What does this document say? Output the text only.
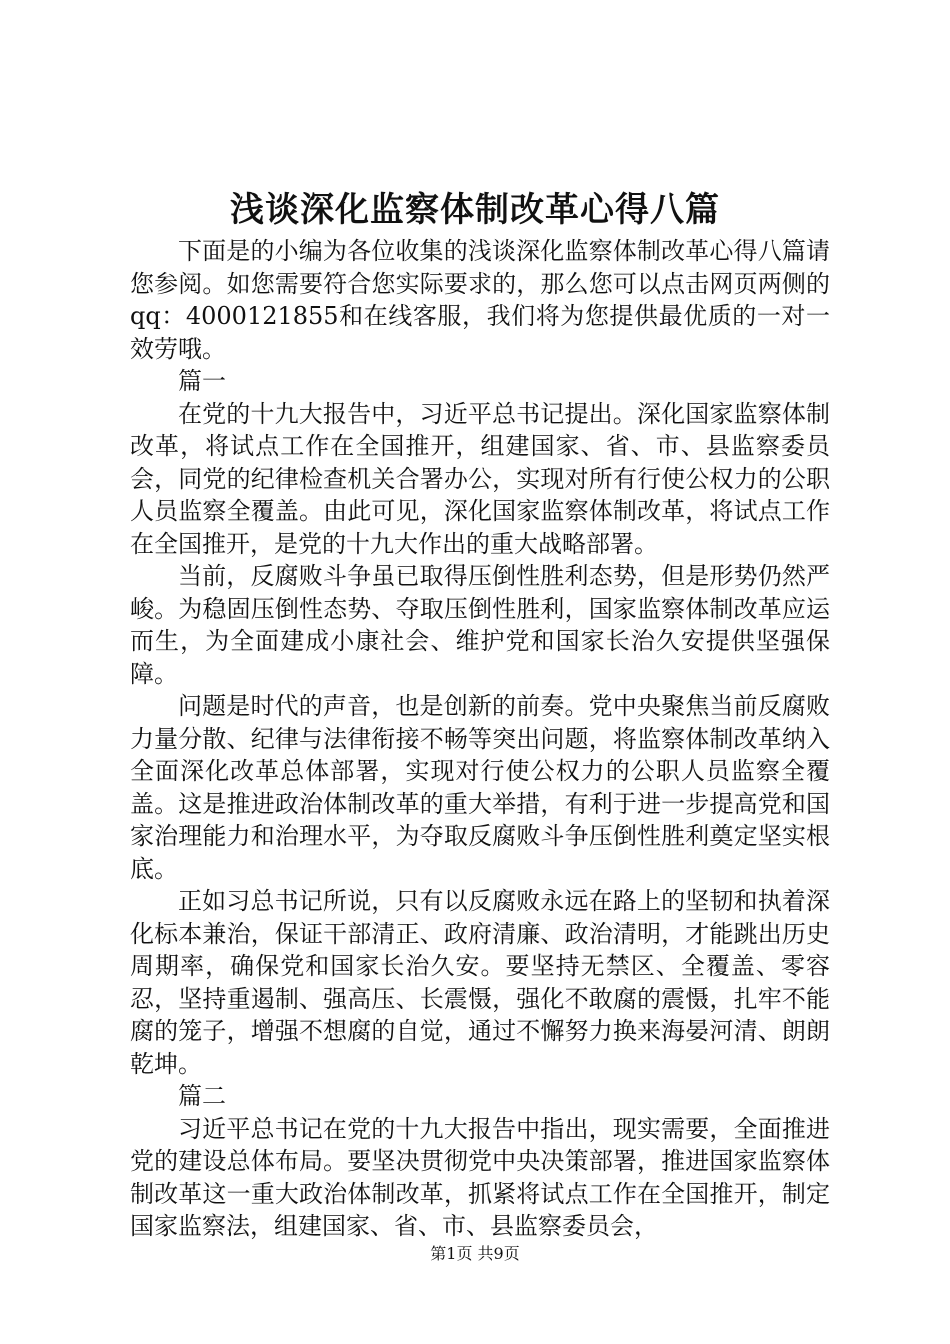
浅谈深化监察体制改革心得八篇

下面是的小编为各位收集的浅谈深化监察体制改革心得八篇请您参阅。如您需要符合您实际要求的，那么您可以点击网页两侧的qq：4000121855和在线客服，我们将为您提供最优质的一对一效劳哦。

篇一

在党的十九大报告中，习近平总书记提出。深化国家监察体制改革，将试点工作在全国推开，组建国家、省、市、县监察委员会，同党的纪律检查机关合署办公，实现对所有行使公权力的公职人员监察全覆盖。由此可见，深化国家监察体制改革，将试点工作在全国推开，是党的十九大作出的重大战略部署。

当前，反腐败斗争虽已取得压倒性胜利态势，但是形势仍然严峻。为稳固压倒性态势、夺取压倒性胜利，国家监察体制改革应运而生，为全面建成小康社会、维护党和国家长治久安提供坚强保障。

问题是时代的声音，也是创新的前奏。党中央聚焦当前反腐败力量分散、纪律与法律衔接不畅等突出问题，将监察体制改革纳入全面深化改革总体部署，实现对行使公权力的公职人员监察全覆盖。这是推进政治体制改革的重大举措，有利于进一步提高党和国家治理能力和治理水平，为夺取反腐败斗争压倒性胜利奠定坚实根底。

正如习总书记所说，只有以反腐败永远在路上的坚韧和执着深化标本兼治，保证干部清正、政府清廉、政治清明，才能跳出历史周期率，确保党和国家长治久安。要坚持无禁区、全覆盖、零容忍，坚持重遏制、强高压、长震慑，强化不敢腐的震慑，扎牢不能腐的笼子，增强不想腐的自觉，通过不懈努力换来海晏河清、朗朗乾坤。

篇二

习近平总书记在党的十九大报告中指出，现实需要，全面推进党的建设总体布局。要坚决贯彻党中央决策部署，推进国家监察体制改革这一重大政治体制改革，抓紧将试点工作在全国推开，制定国家监察法，组建国家、省、市、县监察委员会，

第1页 共9页
